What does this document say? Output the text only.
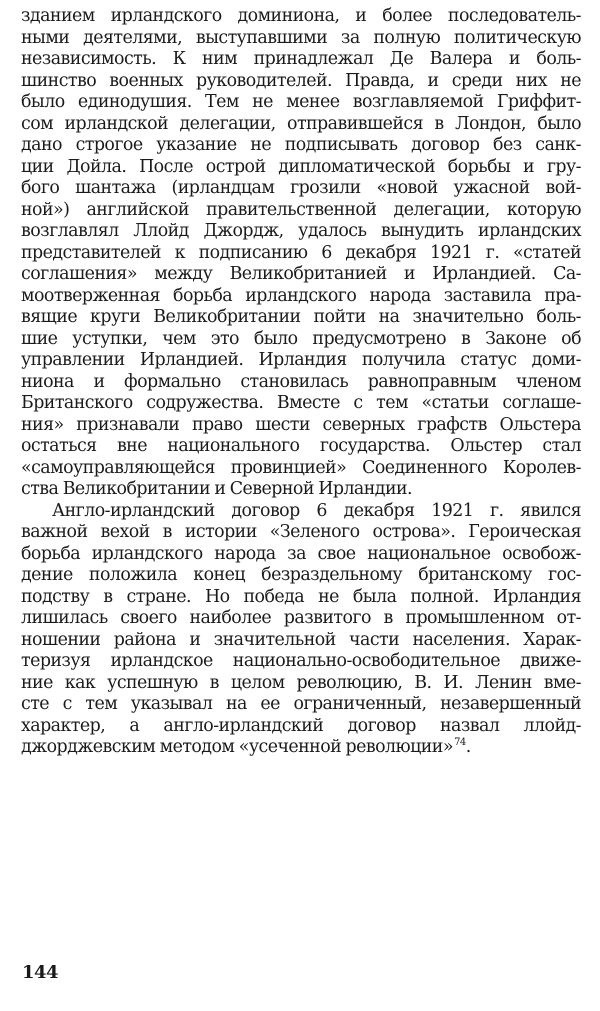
зданием ирландского доминиона, и более последователь-
ными деятелями, выступавшими за полную политическую
независимость. К ним принадлежал Де Валера и боль-
шинство военных руководителей. Правда, и среди них не
было единодушия. Тем не менее возглавляемой Гриффит-
сом ирландской делегации, отправившейся в Лондон, было
дано строгое указание не подписывать договор без санк-
ции Дойла. После острой дипломатической борьбы и гру-
бого шантажа (ирландцам грозили «новой ужасной вой-
ной») английской правительственной делегации, которую
возглавлял Ллойд Джордж, удалось вынудить ирландских
представителей к подписанию 6 декабря 1921 г. «статей
соглашения» между Великобританией и Ирландией. Са-
моотверженная борьба ирландского народа заставила пра-
вящие круги Великобритании пойти на значительно боль-
шие уступки, чем это было предусмотрено в Законе об
управлении Ирландией. Ирландия получила статус доми-
ниона и формально становилась равноправным членом
Британского содружества. Вместе с тем «статьи соглаше-
ния» признавали право шести северных графств Ольстера
остаться вне национального государства. Ольстер стал
«самоуправляющейся провинцией» Соединенного Королев-
ства Великобритании и Северной Ирландии.

Англо-ирландский договор 6 декабря 1921 г. явился
важной вехой в истории «Зеленого острова». Героическая
борьба ирландского народа за свое национальное освобож-
дение положила конец безраздельному британскому гос-
подству в стране. Но победа не была полной. Ирландия
лишилась своего наиболее развитого в промышленном от-
ношении района и значительной части населения. Харак-
теризуя ирландское национально-освободительное движе-
ние как успешную в целом революцию, В. И. Ленин вме-
сте с тем указывал на ее ограниченный, незавершенный
характер, а англо-ирландский договор назвал ллойд-
джорджевским методом «усеченной революции» $^{74}$.

144
